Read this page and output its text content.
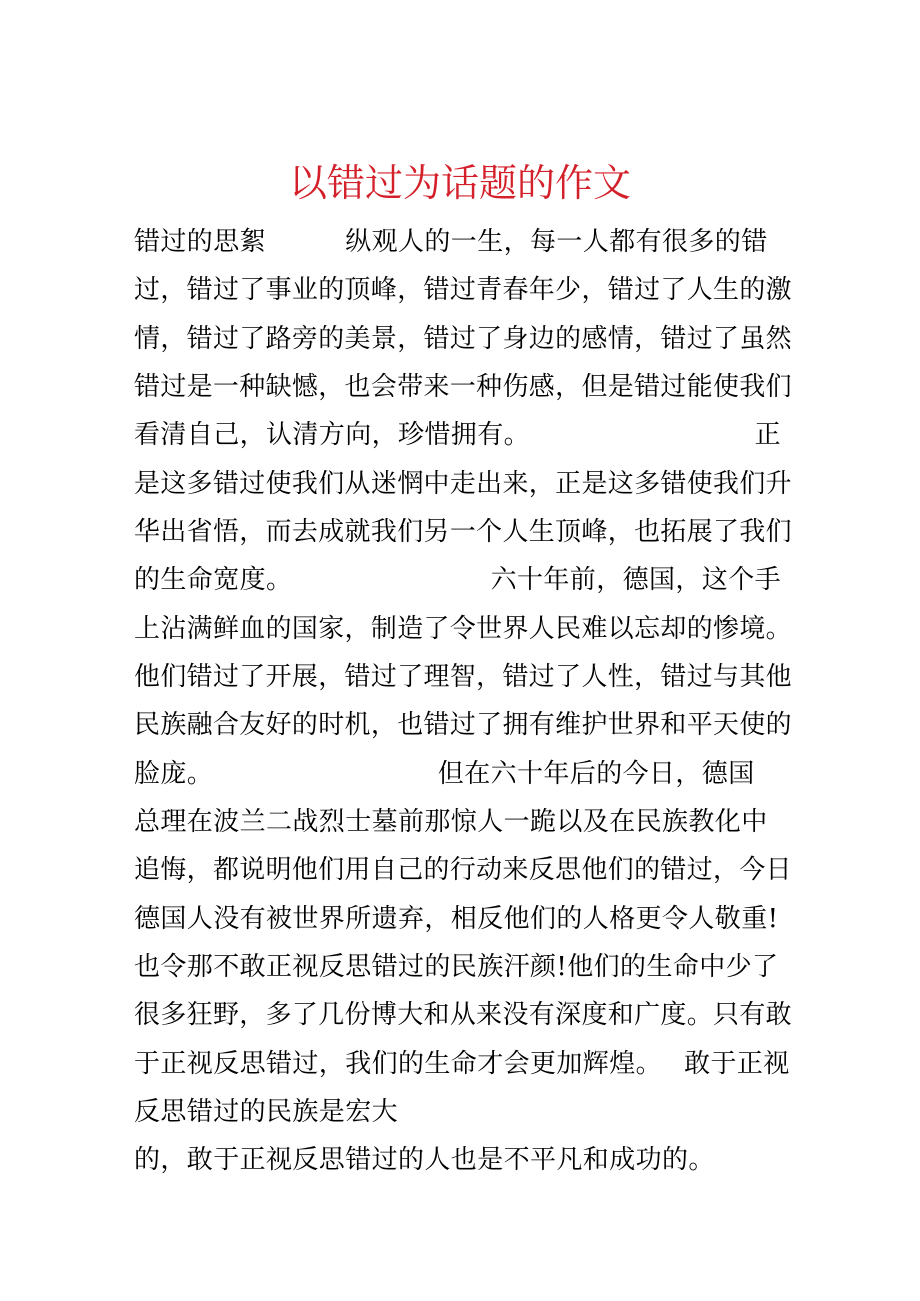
以错过为话题的作文
错过的思絮　　　纵观人的一生，每一人都有很多的错
过，错过了事业的顶峰，错过青春年少，错过了人生的激
情，错过了路旁的美景，错过了身边的感情，错过了虽然
错过是一种缺憾，也会带来一种伤感，但是错过能使我们
看清自己，认清方向，珍惜拥有。　　　　　　　　　正
是这多错过使我们从迷惘中走出来，正是这多错使我们升
华出省悟，而去成就我们另一个人生顶峰，也拓展了我们
的生命宽度。　　　　　　　　六十年前，德国，这个手
上沾满鲜血的国家，制造了令世界人民难以忘却的惨境。
他们错过了开展，错过了理智，错过了人性，错过与其他
民族融合友好的时机，也错过了拥有维护世界和平天使的
脸庞。　　　　　　　　　但在六十年后的今日，德国
总理在波兰二战烈士墓前那惊人一跪以及在民族教化中
追悔，都说明他们用自己的行动来反思他们的错过，今日
德国人没有被世界所遗弃，相反他们的人格更令人敬重!
也令那不敢正视反思错过的民族汗颜!他们的生命中少了
很多狂野，多了几份博大和从来没有深度和广度。只有敢
于正视反思错过，我们的生命才会更加辉煌。　 敢于正视
反思错过的民族是宏大
的，敢于正视反思错过的人也是不平凡和成功的。
